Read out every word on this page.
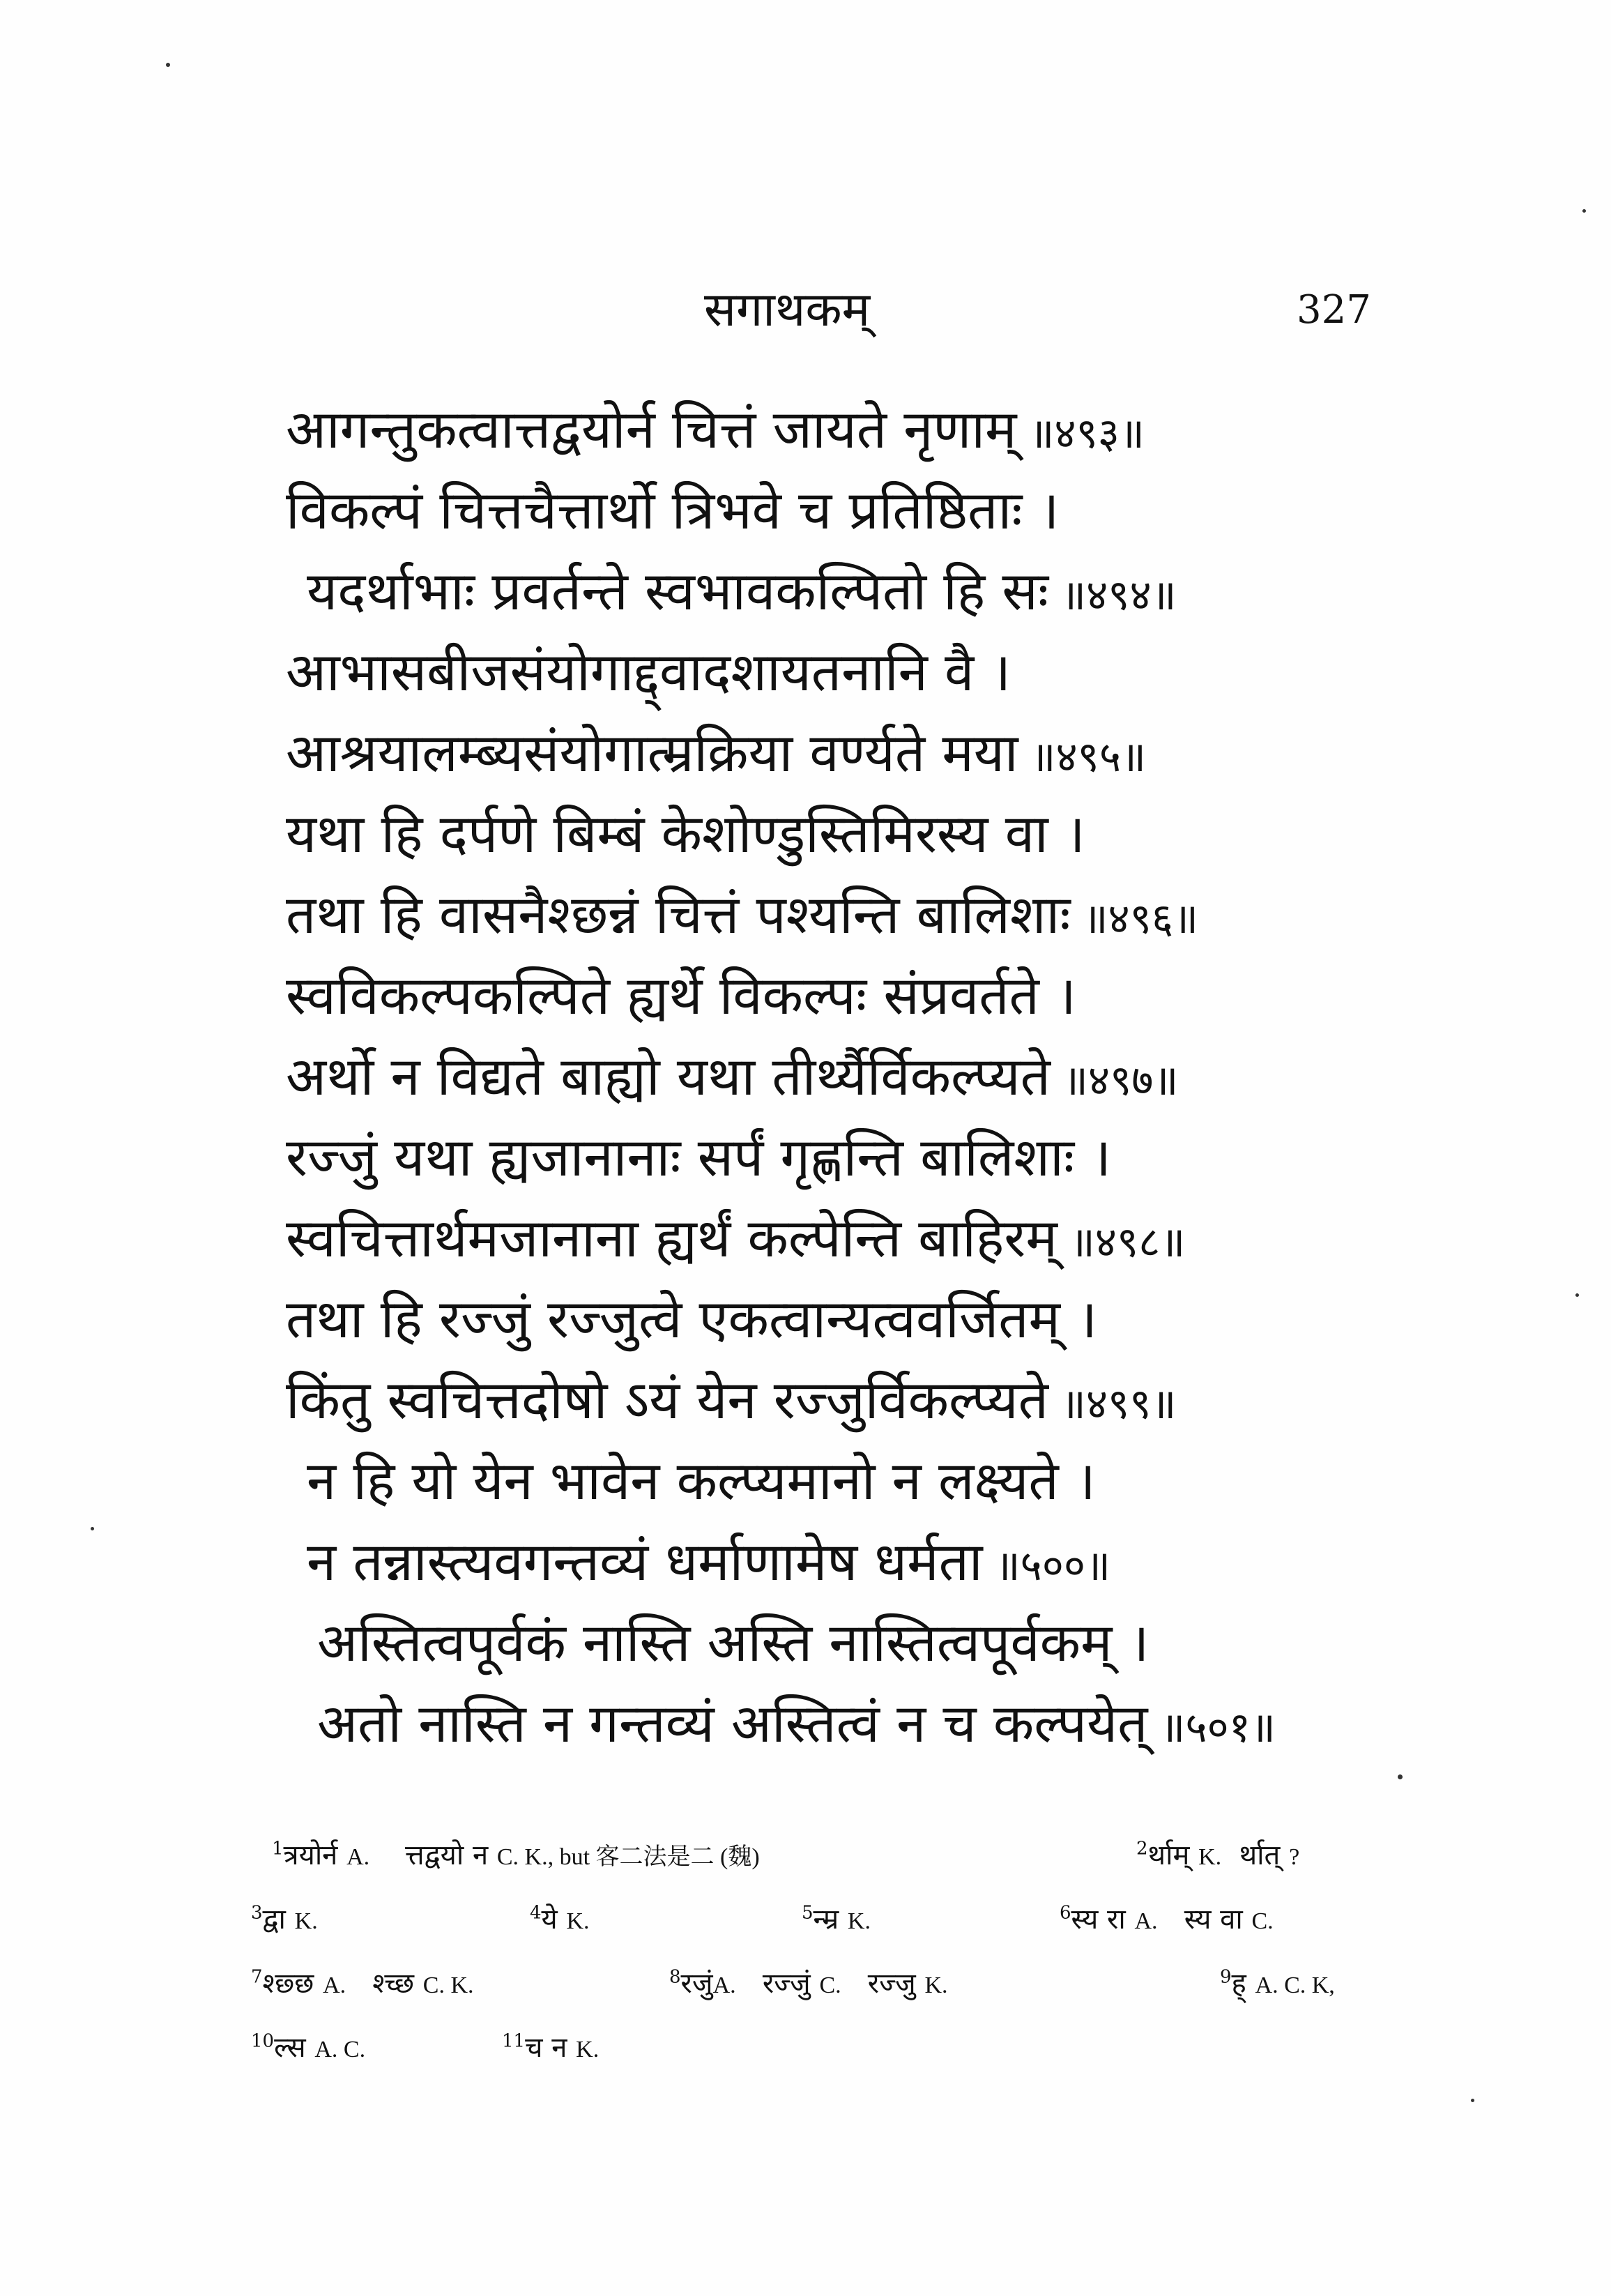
सगाथकम्	327
आगन्तुकत्वात्तद्वयोर्न चित्तं जायते नृणाम् ॥४९३॥
विकल्पं चित्तचैत्तार्थो त्रिभवे च प्रतिष्ठिताः ।
यदर्थाभाः प्रवर्तन्ते स्वभावकल्पितो हि सः ॥४९४॥
आभासबीजसंयोगाद्द्वादशायतनानि वै ।
आश्रयालम्ब्यसंयोगात्म्रक्रिया वर्ण्यते मया ॥४९५॥
यथा हि दर्पणे बिम्बं केशोण्डुस्तिमिरस्य वा ।
तथा हि वासनैश्छन्नं चित्तं पश्यन्ति बालिशाः ॥४९६॥
स्वविकल्पकल्पिते ह्यर्थे विकल्पः संप्रवर्तते ।
अर्थो न विद्यते बाह्यो यथा तीर्थ्यैर्विकल्प्यते ॥४९७॥
रज्जुं यथा ह्यजानानाः सर्पं गृह्णन्ति बालिशाः ।
स्वचित्तार्थमजानाना ह्यर्थं कल्पेन्ति बाहिरम् ॥४९८॥
तथा हि रज्जुं रज्जुत्वे एकत्वान्यत्ववर्जितम् ।
किंतु स्वचित्तदोषो ऽयं येन रज्जुर्विकल्प्यते ॥४९९॥
न हि यो येन भावेन कल्प्यमानो न लक्ष्यते ।
न तन्नास्त्यवगन्तव्यं धर्माणामेष धर्मता ॥५००॥
अस्तित्वपूर्वकं नास्ति अस्ति नास्तित्वपूर्वकम् ।
अतो नास्ति न गन्तव्यं अस्तित्वं न च कल्पयेत् ॥५०१॥
$^1$त्रयोर्न A. त्तद्वयो न C. K., but 客二法是二 (魏)	$^2$र्थाम् K. र्थात् ?
$^3$द्वा K.	$^4$ये K.	$^5$न्म्र K.	$^6$स्य रा A. स्य वा C.
$^7$श्छ्छ A. श्च्छ C. K.	$^8$रजुंA. रज्जुं C. रज्जु K.	$^9$ह् A. C. K,
$^{10}$ल्स A. C.	$^{11}$च न K.
